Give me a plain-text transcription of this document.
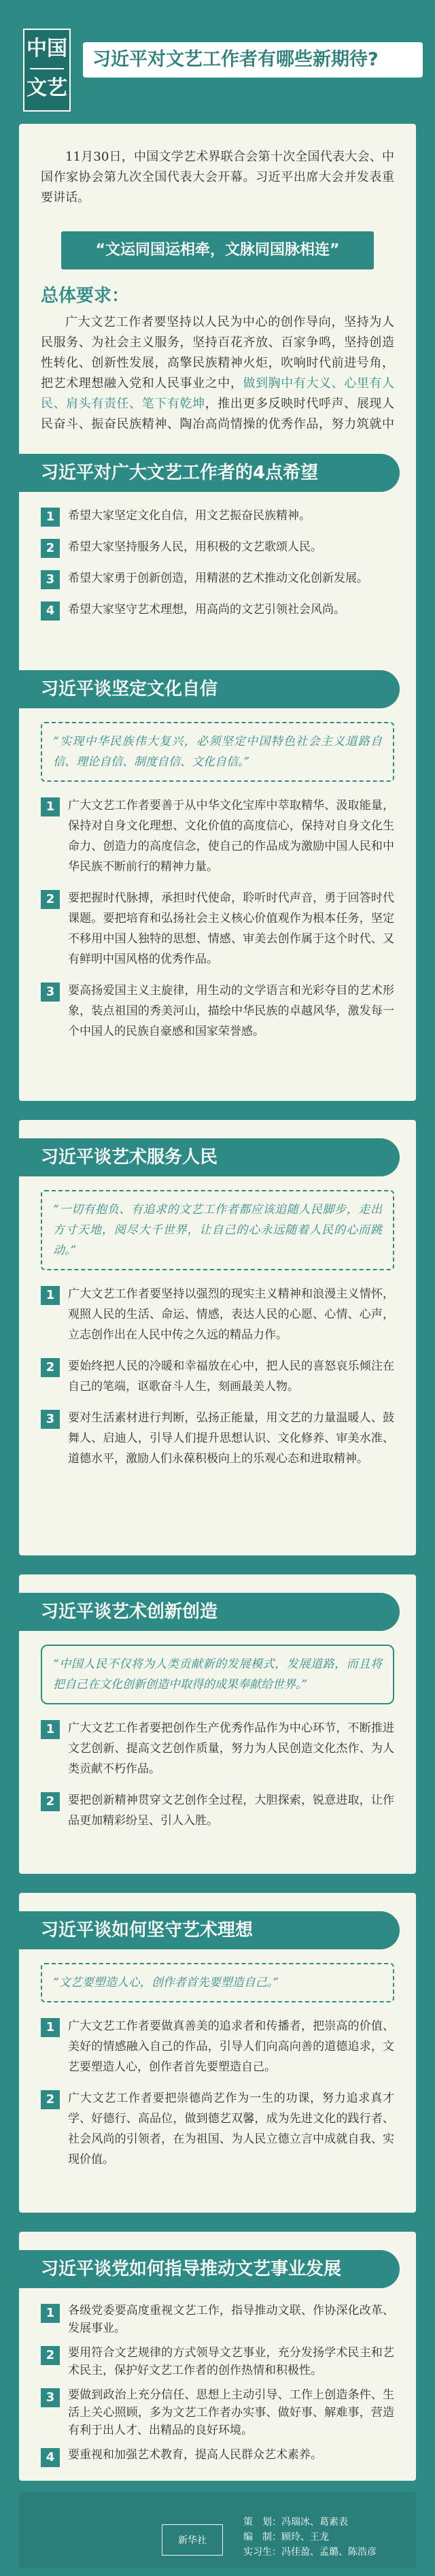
中国
文艺
习近平对文艺工作者有哪些新期待?

11月30日，中国文学艺术界联合会第十次全国代表大会、中国作家协会第九次全国代表大会开幕。习近平出席大会并发表重要讲话。

“文运同国运相牵，文脉同国脉相连”
总体要求：

广大文艺工作者要坚持以人民为中心的创作导向，坚持为人民服务、为社会主义服务，坚持百花齐放、百家争鸣，坚持创造性转化、创新性发展，高擎民族精神火炬，吹响时代前进号角，把艺术理想融入党和人民事业之中，做到胸中有大义、心里有人民、肩头有责任、笔下有乾坤，推出更多反映时代呼声、展现人民奋斗、振奋民族精神、陶冶高尚情操的优秀作品，努力筑就中

习近平对广大文艺工作者的4点希望
1	希望大家坚定文化自信，用文艺振奋民族精神。
2	希望大家坚持服务人民，用积极的文艺歌颂人民。
3	希望大家勇于创新创造，用精湛的艺术推动文化创新发展。
4	希望大家坚守艺术理想，用高尚的文艺引领社会风尚。
习近平谈坚定文化自信
“实现中华民族伟大复兴，必须坚定中国特色社会主义道路自信、理论自信、制度自信、文化自信。”
1	广大文艺工作者要善于从中华文化宝库中萃取精华、汲取能量，保持对自身文化理想、文化价值的高度信心，保持对自身文化生命力、创造力的高度信念，使自己的作品成为激励中国人民和中华民族不断前行的精神力量。
2	要把握时代脉搏，承担时代使命，聆听时代声音，勇于回答时代课题。要把培育和弘扬社会主义核心价值观作为根本任务，坚定不移用中国人独特的思想、情感、审美去创作属于这个时代、又有鲜明中国风格的优秀作品。
3	要高扬爱国主义主旋律，用生动的文学语言和光彩夺目的艺术形象，装点祖国的秀美河山，描绘中华民族的卓越风华，激发每一个中国人的民族自豪感和国家荣誉感。
习近平谈艺术服务人民
“一切有抱负、有追求的文艺工作者都应该追随人民脚步，走出方寸天地，阅尽大千世界，让自己的心永远随着人民的心而跳动。”
1	广大文艺工作者要坚持以强烈的现实主义精神和浪漫主义情怀，观照人民的生活、命运、情感，表达人民的心愿、心情、心声，立志创作出在人民中传之久远的精品力作。
2	要始终把人民的冷暖和幸福放在心中，把人民的喜怒哀乐倾注在自己的笔端，讴歌奋斗人生，刻画最美人物。
3	要对生活素材进行判断，弘扬正能量，用文艺的力量温暖人、鼓舞人、启迪人，引导人们提升思想认识、文化修养、审美水准、道德水平，激励人们永葆积极向上的乐观心态和进取精神。
习近平谈艺术创新创造
“中国人民不仅将为人类贡献新的发展模式，发展道路，而且将把自己在文化创新创造中取得的成果奉献给世界。”
1	广大文艺工作者要把创作生产优秀作品作为中心环节，不断推进文艺创新、提高文艺创作质量，努力为人民创造文化杰作、为人类贡献不朽作品。
2	要把创新精神贯穿文艺创作全过程，大胆探索，锐意进取，让作品更加精彩纷呈、引人入胜。
习近平谈如何坚守艺术理想
“文艺要塑造人心，创作者首先要塑造自己。”
1	广大文艺工作者要做真善美的追求者和传播者，把崇高的价值、美好的情感融入自己的作品，引导人们向高向善的道德追求，文艺要塑造人心，创作者首先要塑造自己。
2	广大文艺工作者要把崇德尚艺作为一生的功课，努力追求真才学、好德行、高品位，做到德艺双馨，成为先进文化的践行者、社会风尚的引领者，在为祖国、为人民立德立言中成就自我、实现价值。
习近平谈党如何指导推动文艺事业发展
1	各级党委要高度重视文艺工作，指导推动文联、作协深化改革、发展事业。
2	要用符合文艺规律的方式领导文艺事业，充分发扬学术民主和艺术民主，保护好文艺工作者的创作热情和积极性。
3	要做到政治上充分信任、思想上主动引导、工作上创造条件、生活上关心照顾，多为文艺工作者办实事、做好事、解难事，营造有利于出人才、出精品的良好环境。
4	要重视和加强艺术教育，提高人民群众艺术素养。
新华社
策　划：冯瑞冰、葛素表
编　制：顾玲、王龙
实习生：冯佳盈、孟璐、陈浩彦
